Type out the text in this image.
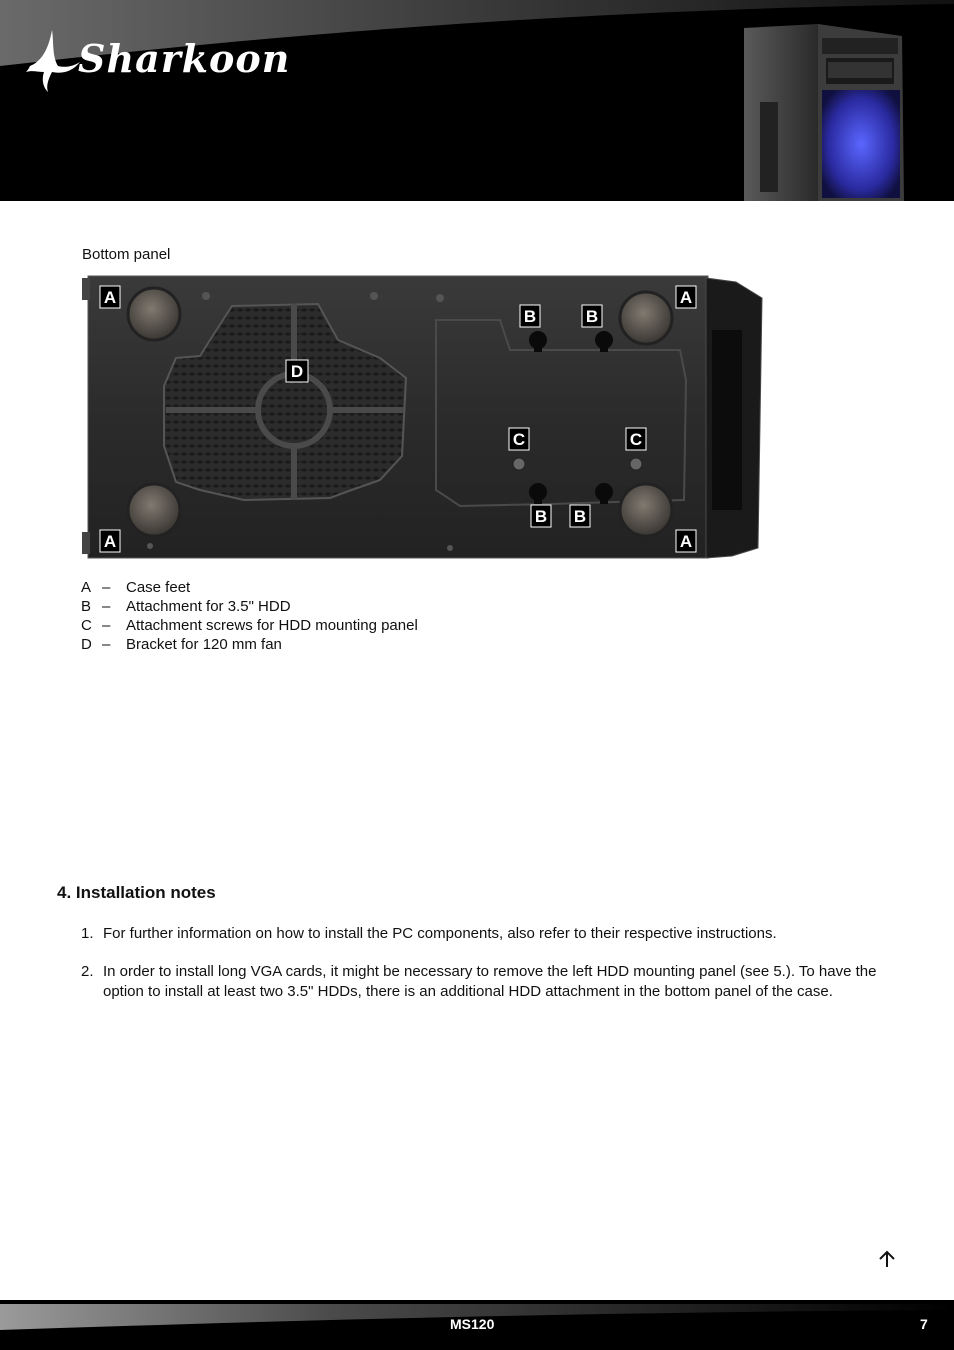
Sharkoon
Bottom panel
A	A
A	A
B	B
B B
C	C
D
A –	Case feet
B –	Attachment for 3.5" HDD
C –	Attachment screws for HDD mounting panel
D –	Bracket for 120 mm fan
4. Installation notes
1. For further information on how to install the PC components, also refer to their respective instructions.
2. In order to install long VGA cards, it might be necessary to remove the left HDD mounting panel (see 5.). To have the option to install at least two 3.5" HDDs, there is an additional HDD attachment in the bottom panel of the case.
MS120	7
